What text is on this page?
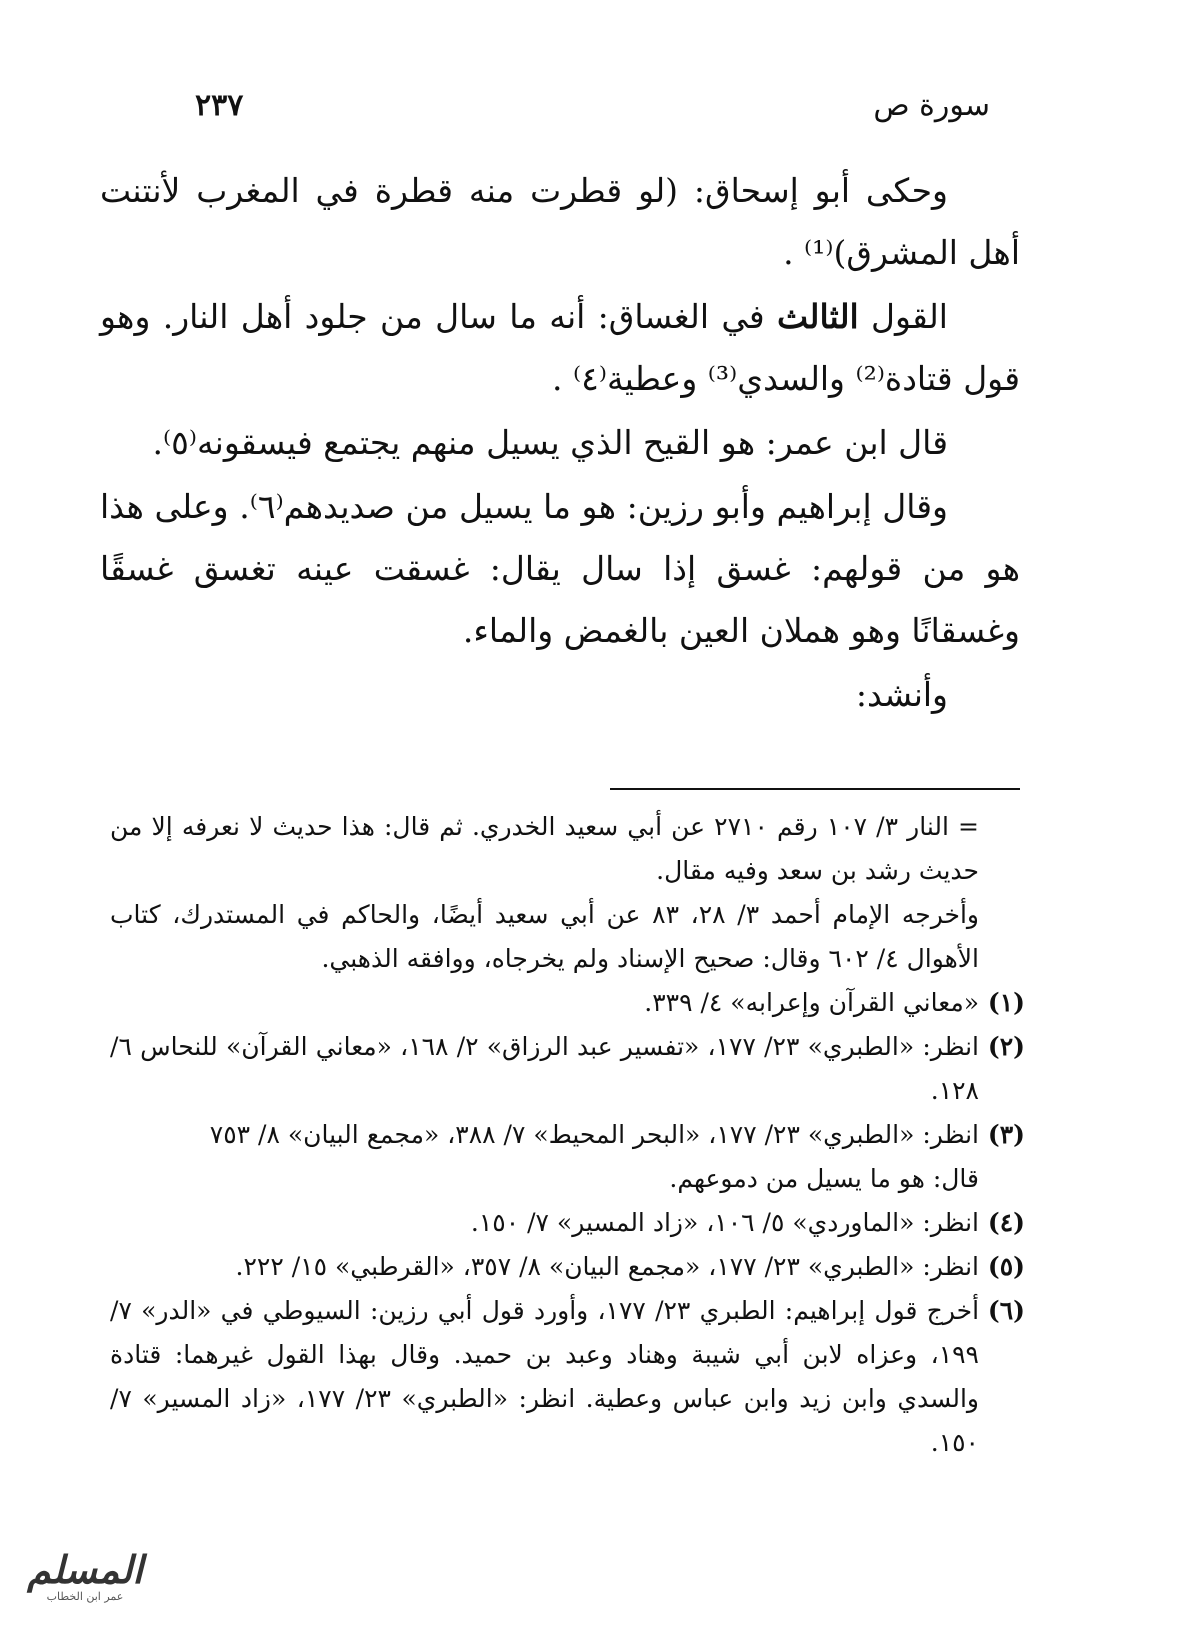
سورة ص
٢٣٧

وحكى أبو إسحاق: (لو قطرت منه قطرة في المغرب لأنتنت أهل المشرق)⁽¹⁾ .

القول الثالث في الغساق: أنه ما سال من جلود أهل النار. وهو قول قتادة⁽²⁾ والسدي⁽³⁾ وعطية⁽٤⁾ .

قال ابن عمر: هو القيح الذي يسيل منهم يجتمع فيسقونه⁽٥⁾.

وقال إبراهيم وأبو رزين: هو ما يسيل من صديدهم⁽٦⁾. وعلى هذا هو من قولهم: غسق إذا سال يقال: غسقت عينه تغسق غسقًا وغسقانًا وهو هملان العين بالغمض والماء.

وأنشد:

= النار ٣/ ١٠٧ رقم ٢٧١٠ عن أبي سعيد الخدري. ثم قال: هذا حديث لا نعرفه إلا من حديث رشد بن سعد وفيه مقال.

وأخرجه الإمام أحمد ٣/ ٢٨، ٨٣ عن أبي سعيد أيضًا، والحاكم في المستدرك، كتاب الأهوال ٤/ ٦٠٢ وقال: صحيح الإسناد ولم يخرجاه، ووافقه الذهبي.

(١)«معاني القرآن وإعرابه» ٤/ ٣٣٩.

(٢)انظر: «الطبري» ٢٣/ ١٧٧، «تفسير عبد الرزاق» ٢/ ١٦٨، «معاني القرآن» للنحاس ٦/ ١٢٨.

(٣)انظر: «الطبري» ٢٣/ ١٧٧، «البحر المحيط» ٧/ ٣٨٨، «مجمع البيان» ٨/ ٧٥٣

قال: هو ما يسيل من دموعهم.

(٤)انظر: «الماوردي» ٥/ ١٠٦، «زاد المسير» ٧/ ١٥٠.

(٥)انظر: «الطبري» ٢٣/ ١٧٧، «مجمع البيان» ٨/ ٣٥٧، «القرطبي» ١٥/ ٢٢٢.

(٦)أخرج قول إبراهيم: الطبري ٢٣/ ١٧٧، وأورد قول أبي رزين: السيوطي في «الدر» ٧/ ١٩٩، وعزاه لابن أبي شيبة وهناد وعبد بن حميد. وقال بهذا القول غيرهما: قتادة والسدي وابن زيد وابن عباس وعطية. انظر: «الطبري» ٢٣/ ١٧٧، «زاد المسير» ٧/ ١٥٠.

المسلم
عمر ابن الخطاب
